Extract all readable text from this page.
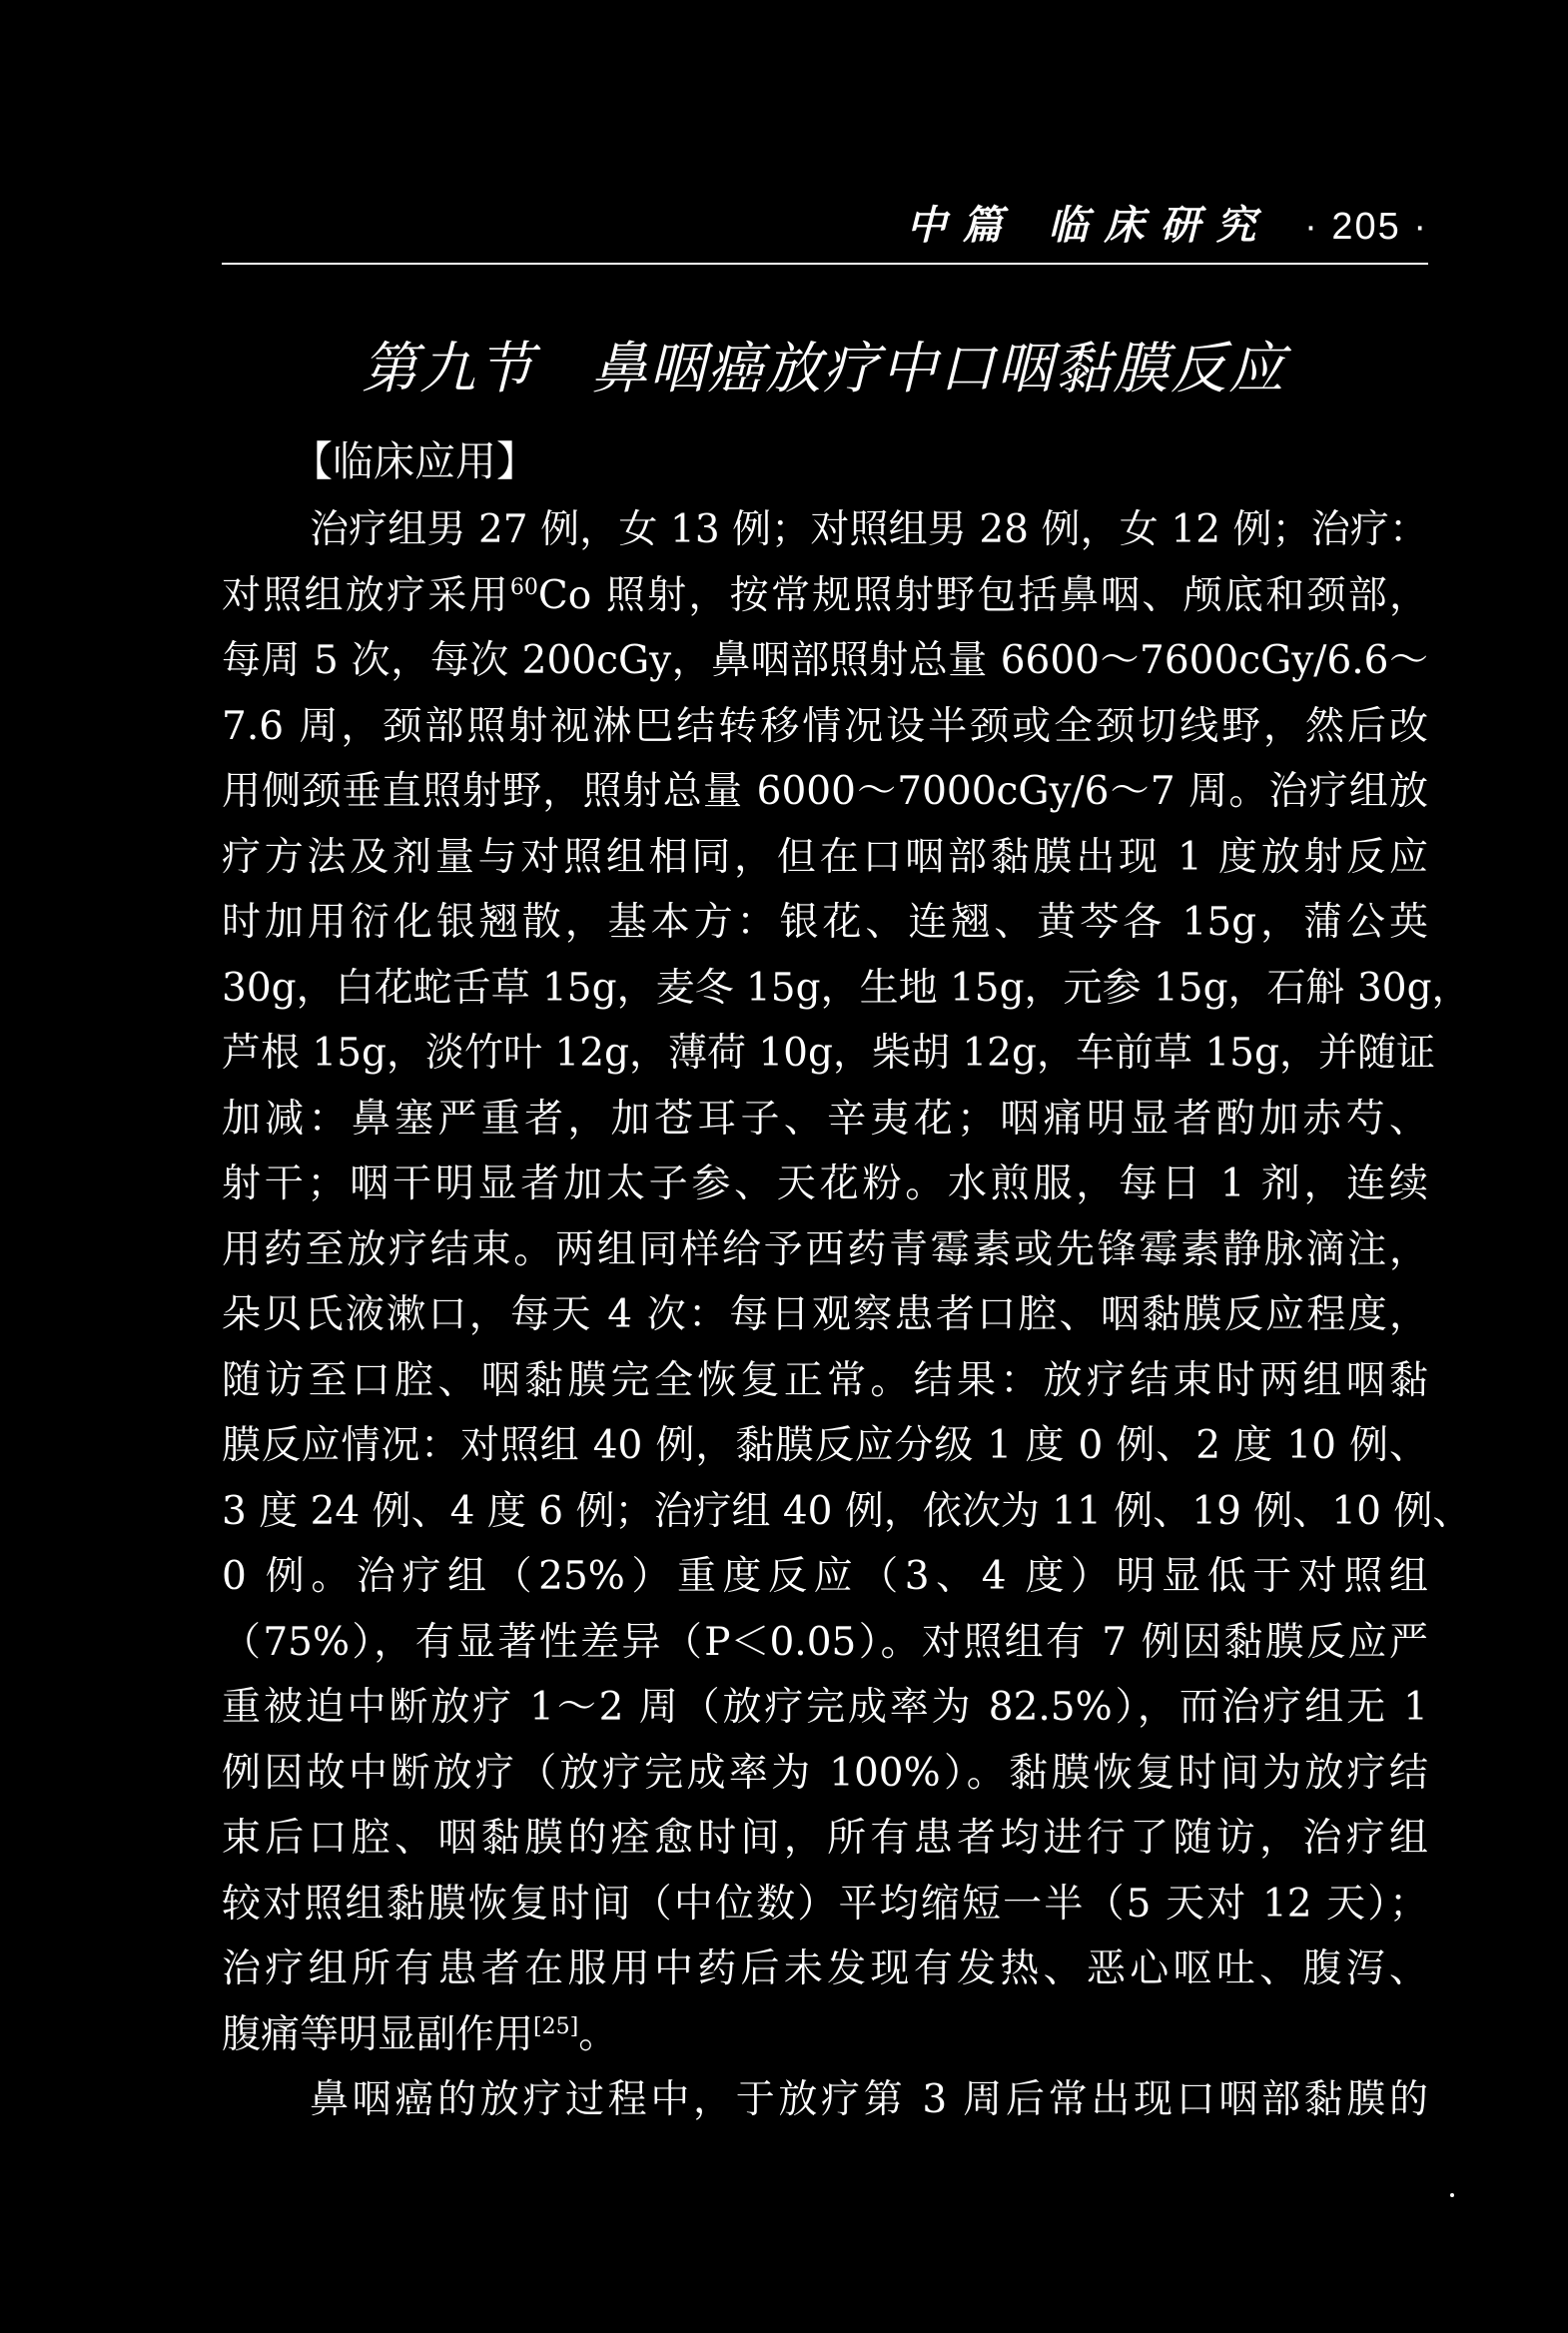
中篇 临床研究 · 205 ·
第九节 鼻咽癌放疗中口咽黏膜反应
【临床应用】
治疗组男 27 例，女 13 例；对照组男 28 例，女 12 例；治疗：
对照组放疗采用$^{60}$Co 照射，按常规照射野包括鼻咽、颅底和颈部，
每周 5 次，每次 200cGy，鼻咽部照射总量 6600～7600cGy/6.6～
7.6 周，颈部照射视淋巴结转移情况设半颈或全颈切线野，然后改
用侧颈垂直照射野，照射总量 6000～7000cGy/6～7 周。治疗组放
疗方法及剂量与对照组相同，但在口咽部黏膜出现 1 度放射反应
时加用衍化银翘散，基本方：银花、连翘、黄芩各 15g，蒲公英
30g，白花蛇舌草 15g，麦冬 15g，生地 15g，元参 15g，石斛 30g，
芦根 15g，淡竹叶 12g，薄荷 10g，柴胡 12g，车前草 15g，并随证
加减：鼻塞严重者，加苍耳子、辛夷花；咽痛明显者酌加赤芍、
射干；咽干明显者加太子参、天花粉。水煎服，每日 1 剂，连续
用药至放疗结束。两组同样给予西药青霉素或先锋霉素静脉滴注，
朵贝氏液漱口，每天 4 次：每日观察患者口腔、咽黏膜反应程度，
随访至口腔、咽黏膜完全恢复正常。结果：放疗结束时两组咽黏
膜反应情况：对照组 40 例，黏膜反应分级 1 度 0 例、2 度 10 例、
3 度 24 例、4 度 6 例；治疗组 40 例，依次为 11 例、19 例、10 例、
0 例。治疗组（25%）重度反应（3、4 度）明显低于对照组
（75%），有显著性差异（P＜0.05）。对照组有 7 例因黏膜反应严
重被迫中断放疗 1～2 周（放疗完成率为 82.5%），而治疗组无 1
例因故中断放疗（放疗完成率为 100%）。黏膜恢复时间为放疗结
束后口腔、咽黏膜的痊愈时间，所有患者均进行了随访，治疗组
较对照组黏膜恢复时间（中位数）平均缩短一半（5 天对 12 天）；
治疗组所有患者在服用中药后未发现有发热、恶心呕吐、腹泻、
腹痛等明显副作用[25]。
鼻咽癌的放疗过程中，于放疗第 3 周后常出现口咽部黏膜的
